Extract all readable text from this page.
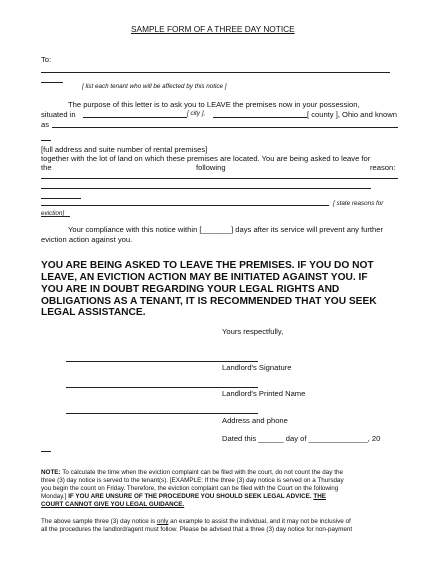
SAMPLE FORM OF A THREE DAY NOTICE
To:
[ list each tenant who will be affected by this notice ]
The purpose of this letter is to ask you to LEAVE the premises now in your possession,
situated in	[ city ],	[ county ], Ohio and known
as
[full address and suite number of rental premises]
together with the lot of land on which these premises are located. You are being asked to leave for
the	following	reason:
[ state reasons for
eviction]
Your compliance with this notice within [_______] days after its service will prevent any further
eviction action against you.
YOU ARE BEING ASKED TO LEAVE THE PREMISES. IF YOU DO NOT
LEAVE, AN EVICTION ACTION MAY BE INITIATED AGAINST YOU. IF
YOU ARE IN DOUBT REGARDING YOUR LEGAL RIGHTS AND
OBLIGATIONS AS A TENANT, IT IS RECOMMENDED THAT YOU SEEK
LEGAL ASSISTANCE.
Yours respectfully,
Landlord's Signature
Landlord's Printed Name
Address and phone
Dated this ______ day of ______________, 20
NOTE: To calculate the time when the eviction complaint can be filed with the court, do not count the day the
three (3) day notice is served to the tenant(s). [EXAMPLE: If the three (3) day notice is served on a Thursday
you begin the count on Friday. Therefore, the eviction complaint can be filed with the Court on the following
Monday.] IF YOU ARE UNSURE OF THE PROCEDURE YOU SHOULD SEEK LEGAL ADVICE. THE
COURT CANNOT GIVE YOU LEGAL GUIDANCE.
The above sample three (3) day notice is only an example to assist the individual, and it may not be inclusive of
all the procedures the landlord/agent must follow. Please be advised that a three (3) day notice for non-payment
